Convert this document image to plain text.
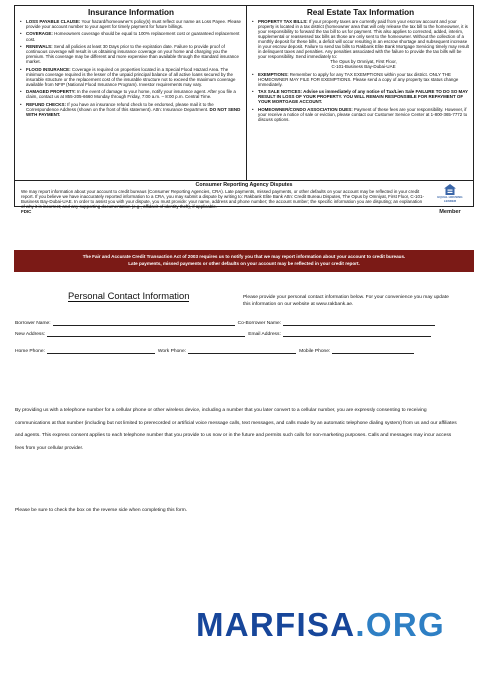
Insurance Information
• LOSS PAYABLE CLAUSE: Your hazard/homeowner's policy(s) must reflect our name as Loss Payee. Please provide your account number to your agent for timely payment for future billings.
• COVERAGE: Homeowners coverage should be equal to 100% replacement cost or guaranteed replacement cost.
• RENEWALS: Send all policies at least 30 Days prior to the expiration date. Failure to provide proof of continuous coverage will result in us obtaining insurance coverage on your home and charging you the premium. This coverage may be different and more expensive than available through the standard insurance market.
• FLOOD INSURANCE: Coverage is required on properties located in a Special Flood Hazard Area. The minimum coverage required is the lesser of the unpaid principal balance of all active loans secured by the insurable structure or the replacement cost of the insurable structure not to exceed the maximum coverage available from NFIP (National Flood Insurance Program). Investor requirements may vary.
• DAMAGED PROPERTY: In the event of damage to your home, notify your insurance agent. After you file a claim, contact us at 855-205-6660 Monday through Friday, 7:00 a.m. – 8:00 p.m. Central Time.
• REFUND CHECKS: If you have an insurance refund check to be endorsed, please mail it to the Correspondence Address (shown on the front of this statement). Attn: Insurance Department. DO NOT SEND WITH PAYMENT.
Real Estate Tax Information
• PROPERTY TAX BILLS: If your property taxes are currently paid from your escrow account and your property is located in a tax district (homeowner area that will only release the tax bill to the homeowner, it is your responsibility to forward the tax bill to us for payment. This also applies to corrected, added, interim, supplemental or reassessed tax bills as those are only sent to the homeowner. Without the collection of a monthly deposit for these bills, a deficit will occur resulting in an escrow shortage and subsequent increase in your escrow deposit. Failure to send tax bills to Rakbank Elite Bank Mortgage Servicing timely may result in delinquent taxes and penalties. Any penalties associated with the failure to provide the tax bills will be your responsibility. Send immediately to:
The Opus by Omniyat, First Floor,
C-101-Business Bay-Dubai-UAE
• EXEMPTIONS: Remember to apply for any TAX EXEMPTIONS within your tax district. ONLY THE HOMEOWNER MAY FILE FOR EXEMPTIONS. Please send a copy of any property tax status change immediately.
• TAX SALE NOTICES: Advise us immediately of any notice of Tax/Lien Sale FAILURE TO DO SO MAY RESULT IN LOSS OF YOUR PROPERTY. YOU WILL REMAIN RESPONSIBLE FOR REPAYMENT OF YOUR MORTGAGE ACCOUNT.
• HOMEOWNER/CONDO ASSOCIATION DUES: Payment of these fees are your responsibility. However, if your receive a notice of sale or eviction, please contact our Customer Service Center at 1-800-365-7772 to discuss options.
Consumer Reporting Agency Disputes

We may report information about your account to credit bureaus (Consumer Reporting Agencies, CRA). Late payments, missed payments, or other defaults on your account may be reflected in your credit report. If you believe we have inaccurately reported information to a CRA, you may submit a dispute by writing to: Rakbank Elite Bank Attn: Credit Bureau Disputes, The Opus by Omniyat, First Floor, C-101-Business Bay-Dubai-UAE. In order to assist you with your dispute, you must provide: your name, address and phone number; the account number; the specific information you are disputing; an explanation of why it is incorrect; and any supporting documentation (e.g., affidavit of identity theft), if applicable.
FDIC

EQUAL HOUSING LENDER
Member
The Fair and Accurate Credit Transaction Act of 2003 requires us to notify you that we may report information about your account to credit bureaus.
Late payments, missed payments or other defaults on your account may be reflected in your credit report.
Personal Contact Information	Please provide your personal contact information below. For your convenience you may update this information on our website at www.rakbank.ae.
Borrower Name:	Co-Borrower Name:
New Address:	Email Address:
Home Phone:	Work Phone:	Mobile Phone:
By providing us with a telephone number for a cellular phone or other wireless device, including a number that you later convert to a cellular number, you are expressly consenting to receiving communications at that number (including but not limited to prerecorded or artificial voice message calls, text messages, and calls made by an automatic telephone dialing system) from us and our affiliates and agents. This express consent applies to each telephone number that you provide to us now or in the future and permits such calls for non-marketing purposes. Calls and messages may incur access fees from your cellular provider.
Please be sure to check the box on the reverse side when completing this form.
MARFISA.ORG
